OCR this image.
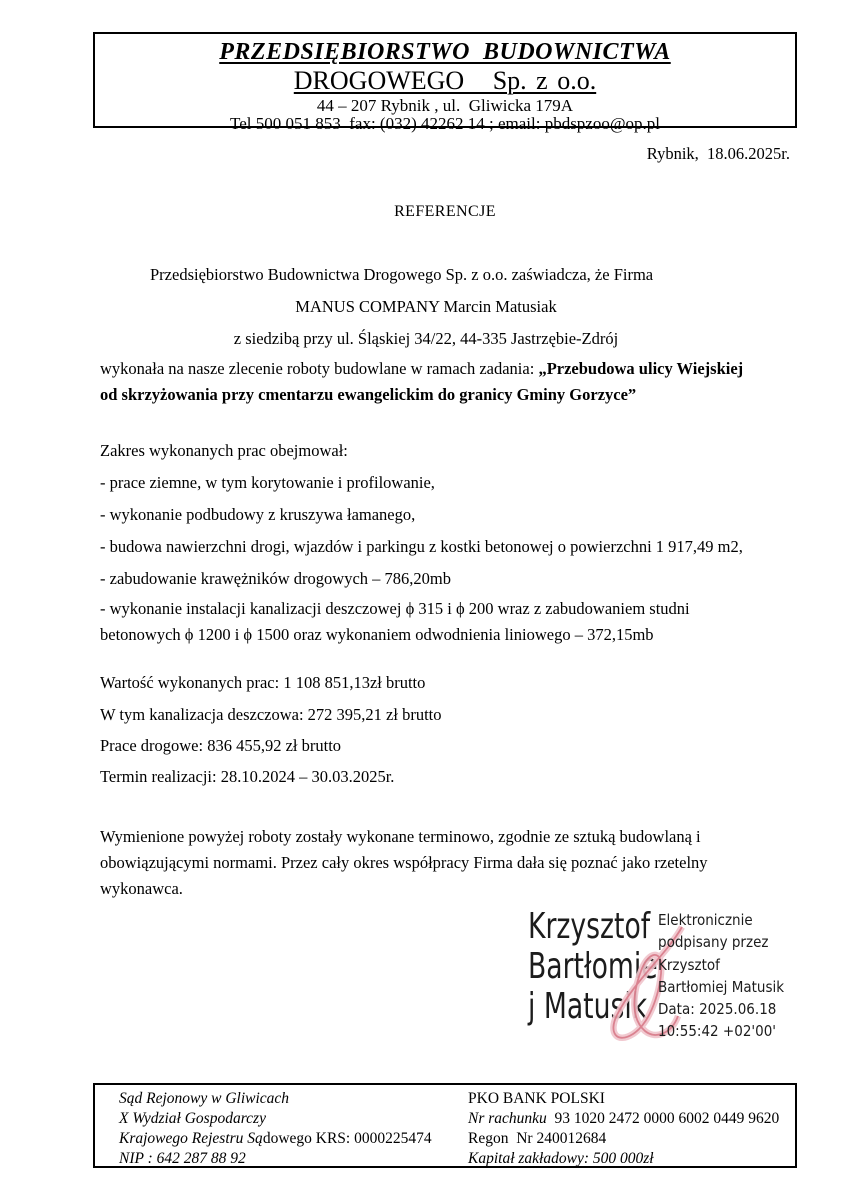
PRZEDSIĘBIORSTWO  BUDOWNICTWA
DROGOWEGO   Sp. z o.o.
44 – 207 Rybnik , ul.  Gliwicka 179A
Tel 500 051 853  fax: (032) 42262 14 ; email: pbdspzoo@op.pl
Rybnik,  18.06.2025r.
REFERENCJE
Przedsiębiorstwo Budownictwa Drogowego Sp. z o.o. zaświadcza, że Firma
MANUS COMPANY Marcin Matusiak
z siedzibą przy ul. Śląskiej 34/22, 44-335 Jastrzębie-Zdrój
wykonała na nasze zlecenie roboty budowlane w ramach zadania: „Przebudowa ulicy Wiejskiej od skrzyżowania przy cmentarzu ewangelickim do granicy Gminy Gorzyce”
Zakres wykonanych prac obejmował:
- prace ziemne, w tym korytowanie i profilowanie,
- wykonanie podbudowy z kruszywa łamanego,
- budowa nawierzchni drogi, wjazdów i parkingu z kostki betonowej o powierzchni 1 917,49 m2,
- zabudowanie krawężników drogowych – 786,20mb
- wykonanie instalacji kanalizacji deszczowej ϕ 315 i ϕ 200 wraz z zabudowaniem studni betonowych ϕ 1200 i ϕ 1500 oraz wykonaniem odwodnienia liniowego – 372,15mb
Wartość wykonanych prac: 1 108 851,13zł brutto
W tym kanalizacja deszczowa: 272 395,21 zł brutto
Prace drogowe: 836 455,92 zł brutto
Termin realizacji: 28.10.2024 – 30.03.2025r.
Wymienione powyżej roboty zostały wykonane terminowo, zgodnie ze sztuką budowlaną i obowiązującymi normami. Przez cały okres współpracy Firma dała się poznać jako rzetelny wykonawca.
Krzysztof
Bartłomie
j Matusik
Elektronicznie
podpisany przez
Krzysztof
Bartłomiej Matusik
Data: 2025.06.18
10:55:42 +02'00'
Sąd Rejonowy w Gliwicach
X Wydział Gospodarczy
Krajowego Rejestru Sądowego KRS: 0000225474
NIP : 642 287 88 92
PKO BANK POLSKI
Nr rachunku  93 1020 2472 0000 6002 0449 9620
Regon  Nr 240012684
Kapitał zakładowy: 500 000zł
